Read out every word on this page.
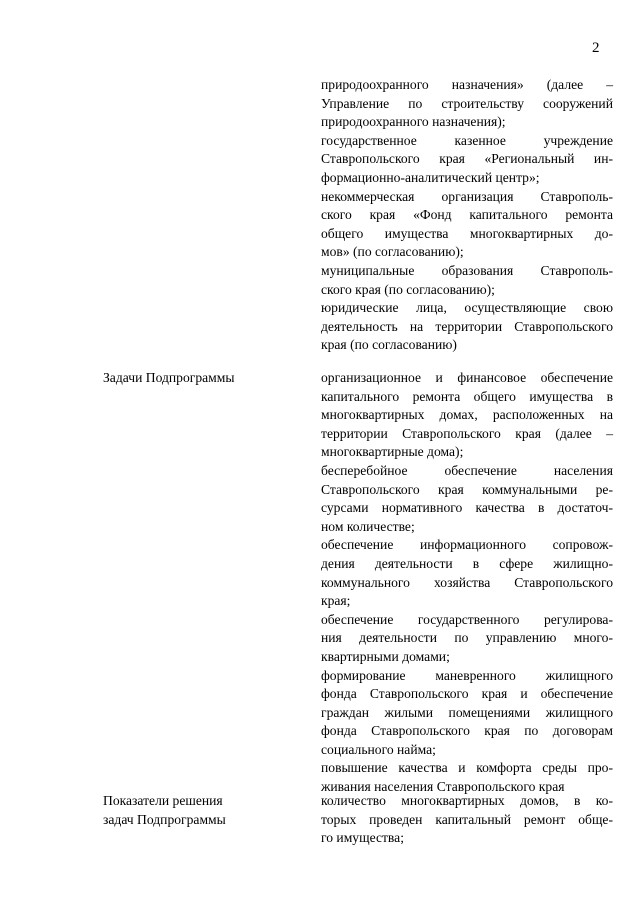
2
природоохранного назначения» (далее –
Управление по строительству сооружений
природоохранного назначения);
государственное казенное учреждение
Ставропольского края «Региональный ин-
формационно-аналитический центр»;
некоммерческая организация Ставрополь-
ского края «Фонд капитального ремонта
общего имущества многоквартирных до-
мов» (по согласованию);
муниципальные образования Ставрополь-
ского края (по согласованию);
юридические лица, осуществляющие свою
деятельность на территории Ставропольского
края (по согласованию)
Задачи Подпрограммы	организационное и финансовое обеспечение
капитального ремонта общего имущества в
многоквартирных домах, расположенных на
территории Ставропольского края (далее –
многоквартирные дома);
бесперебойное обеспечение населения
Ставропольского края коммунальными ре-
сурсами нормативного качества в достаточ-
ном количестве;
обеспечение информационного сопровож-
дения деятельности в сфере жилищно-
коммунального хозяйства Ставропольского
края;
обеспечение государственного регулирова-
ния деятельности по управлению много-
квартирными домами;
формирование маневренного жилищного
фонда Ставропольского края и обеспечение
граждан жилыми помещениями жилищного
фонда Ставропольского края по договорам
социального найма;
повышение качества и комфорта среды про-
живания населения Ставропольского края
Показатели решения
задач Подпрограммы
количество многоквартирных домов, в ко-
торых проведен капитальный ремонт обще-
го имущества;
